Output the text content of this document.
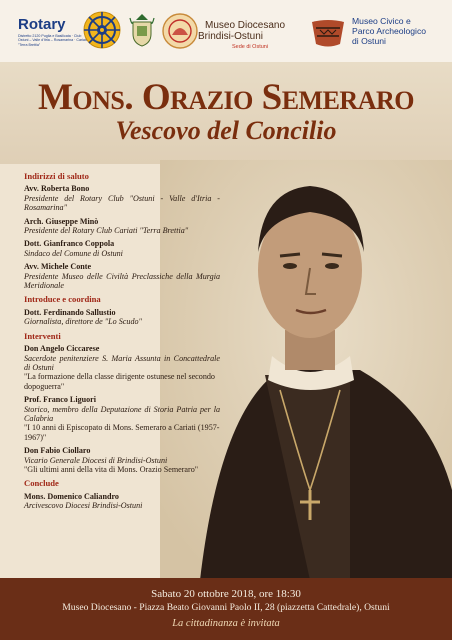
Rotary
Distretto 2120 Puglia e Basilicata · Club Ostuni – Valle d'Itria – Rosamarina · Cariati "Terra Brettia"
Museo Diocesano
Brindisi-Ostuni
Sede di Ostuni
Museo Civico e
Parco Archeologico
di Ostuni
Mons. Orazio Semeraro
Vescovo del Concilio
Indirizzi di saluto
Avv. Roberta Bono
Presidente del Rotary Club "Ostuni - Valle d'Itria - Rosamarina"
Arch. Giuseppe Minò
Presidente del Rotary Club Cariati "Terra Brettia"
Dott. Gianfranco Coppola
Sindaco del Comune di Ostuni
Avv. Michele Conte
Presidente Museo delle Civiltà Preclassiche della Murgia Meridionale
Introduce e coordina
Dott. Ferdinando Sallustio
Giornalista, direttore de "Lo Scudo"
Interventi
Don Angelo Ciccarese
Sacerdote penitenziere S. Maria Assunta in Concattedrale di Ostuni
"La formazione della classe dirigente ostunese nel secondo dopoguerra"
Prof. Franco Liguori
Storico, membro della Deputazione di Storia Patria per la Calabria
"I 10 anni di Episcopato di Mons. Semeraro a Cariati (1957-1967)"
Don Fabio Ciollaro
Vicario Generale Diocesi di Brindisi-Ostuni
"Gli ultimi anni della vita di Mons. Orazio Semeraro"
Conclude
Mons. Domenico Caliandro
Arcivescovo Diocesi Brindisi-Ostuni
Sabato 20 ottobre 2018, ore 18:30
Museo Diocesano - Piazza Beato Giovanni Paolo II, 28 (piazzetta Cattedrale), Ostuni
La cittadinanza è invitata
